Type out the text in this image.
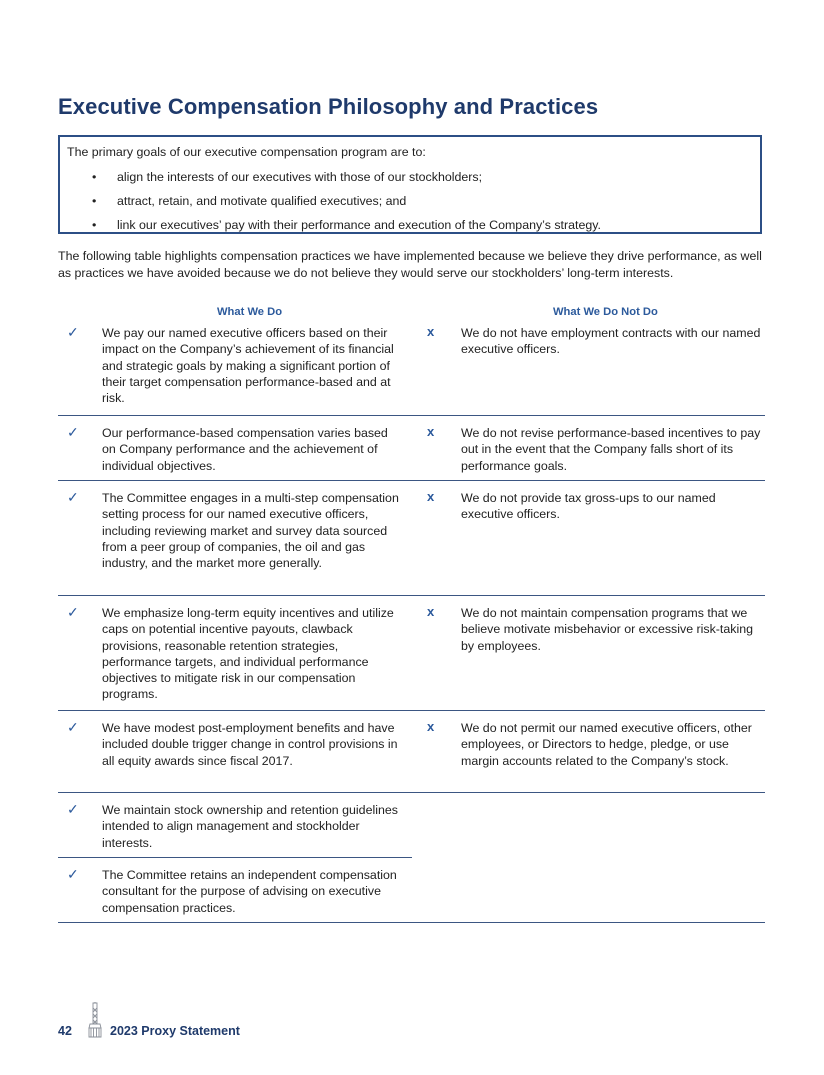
Executive Compensation Philosophy and Practices

The primary goals of our executive compensation program are to:

• align the interests of our executives with those of our stockholders;
• attract, retain, and motivate qualified executives; and
• link our executives’ pay with their performance and execution of the Company’s strategy.

The following table highlights compensation practices we have implemented because we believe they drive performance, as well as practices we have avoided because we do not believe they would serve our stockholders’ long-term interests.

What We Do	What We Do Not Do
✓ We pay our named executive officers based on their impact on the Company’s achievement of its financial and strategic goals by making a significant portion of their target compensation performance-based and at risk.
x We do not have employment contracts with our named executive officers.
✓ Our performance-based compensation varies based on Company performance and the achievement of individual objectives.
x We do not revise performance-based incentives to pay out in the event that the Company falls short of its performance goals.
✓ The Committee engages in a multi-step compensation setting process for our named executive officers, including reviewing market and survey data sourced from a peer group of companies, the oil and gas industry, and the market more generally.
x We do not provide tax gross-ups to our named executive officers.
✓ We emphasize long-term equity incentives and utilize caps on potential incentive payouts, clawback provisions, reasonable retention strategies, performance targets, and individual performance objectives to mitigate risk in our compensation programs.
x We do not maintain compensation programs that we believe motivate misbehavior or excessive risk-taking by employees.
✓ We have modest post-employment benefits and have included double trigger change in control provisions in all equity awards since fiscal 2017.
x We do not permit our named executive officers, other employees, or Directors to hedge, pledge, or use margin accounts related to the Company’s stock.
✓ We maintain stock ownership and retention guidelines intended to align management and stockholder interests.
✓ The Committee retains an independent compensation consultant for the purpose of advising on executive compensation practices.
42	2023 Proxy Statement
